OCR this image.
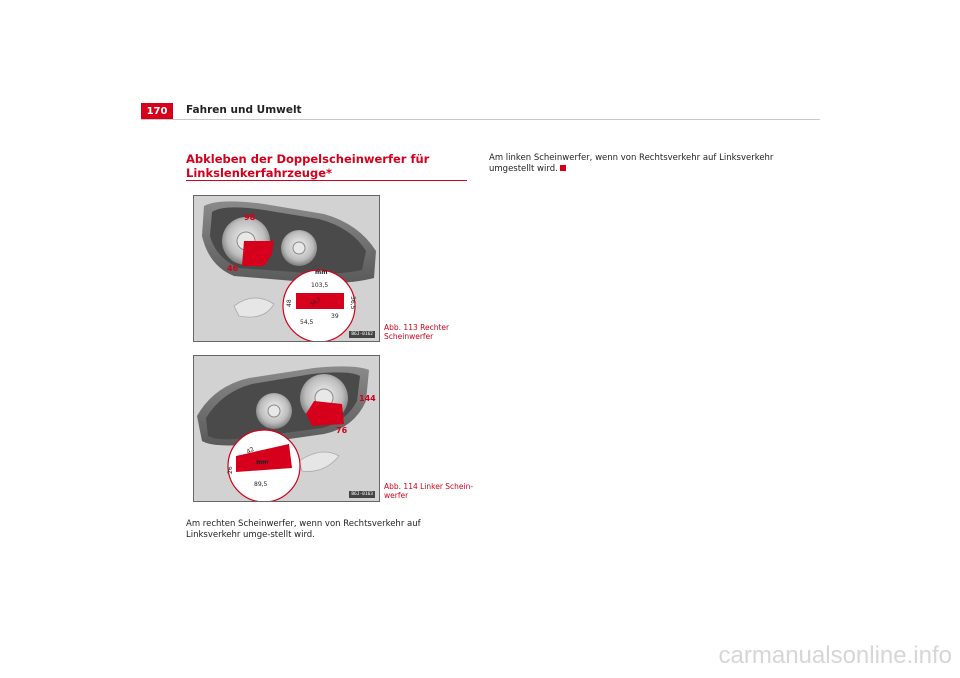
170	Fahren und Umwelt
Abkleben der Doppelscheinwerfer für Linkslenkerfahrzeuge*
98
46	mm
103,5
48	36,5
56,5
39
54,5
B6J-0162
Abb. 113 Rechter Scheinwerfer
144
76
mm
42
26
89,5
B6J-0163
Abb. 114 Linker Schein-werfer
Am rechten Scheinwerfer, wenn von Rechtsverkehr auf Linksverkehr umge-stellt wird.
Am linken Scheinwerfer, wenn von Rechtsverkehr auf Linksverkehr umgestellt wird.
carmanualsonline.info
